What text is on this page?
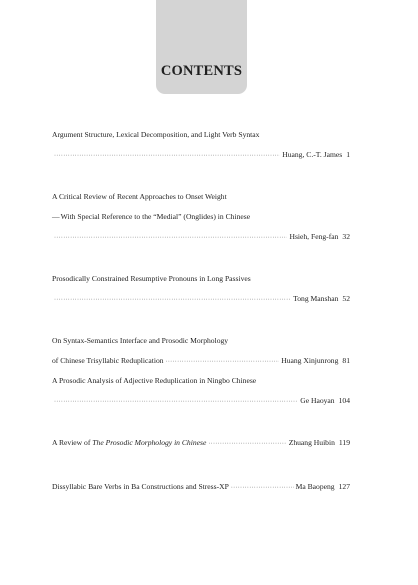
CONTENTS
Argument Structure, Lexical Decomposition, and Light Verb Syntax
·····
Huang, C.-T. James 1
A Critical Review of Recent Approaches to Onset Weight
— With Special Reference to the “Medial” (Onglides) in Chinese
·····
Hsieh, Feng-fan 32
Prosodically Constrained Resumptive Pronouns in Long Passives
·····
Tong Manshan 52
On Syntax-Semantics Interface and Prosodic Morphology
of Chinese Trisyllabic Reduplication ·····	Huang Xinjunrong 81
A Prosodic Analysis of Adjective Reduplication in Ningbo Chinese
·····
Ge Haoyan 104
A Review of
The Prosodic Morphology in Chinese ·····	Zhuang Huibin 119
Dissyllabic Bare Verbs in Ba Constructions and Stress-XP ·····	Ma Baopeng 127
